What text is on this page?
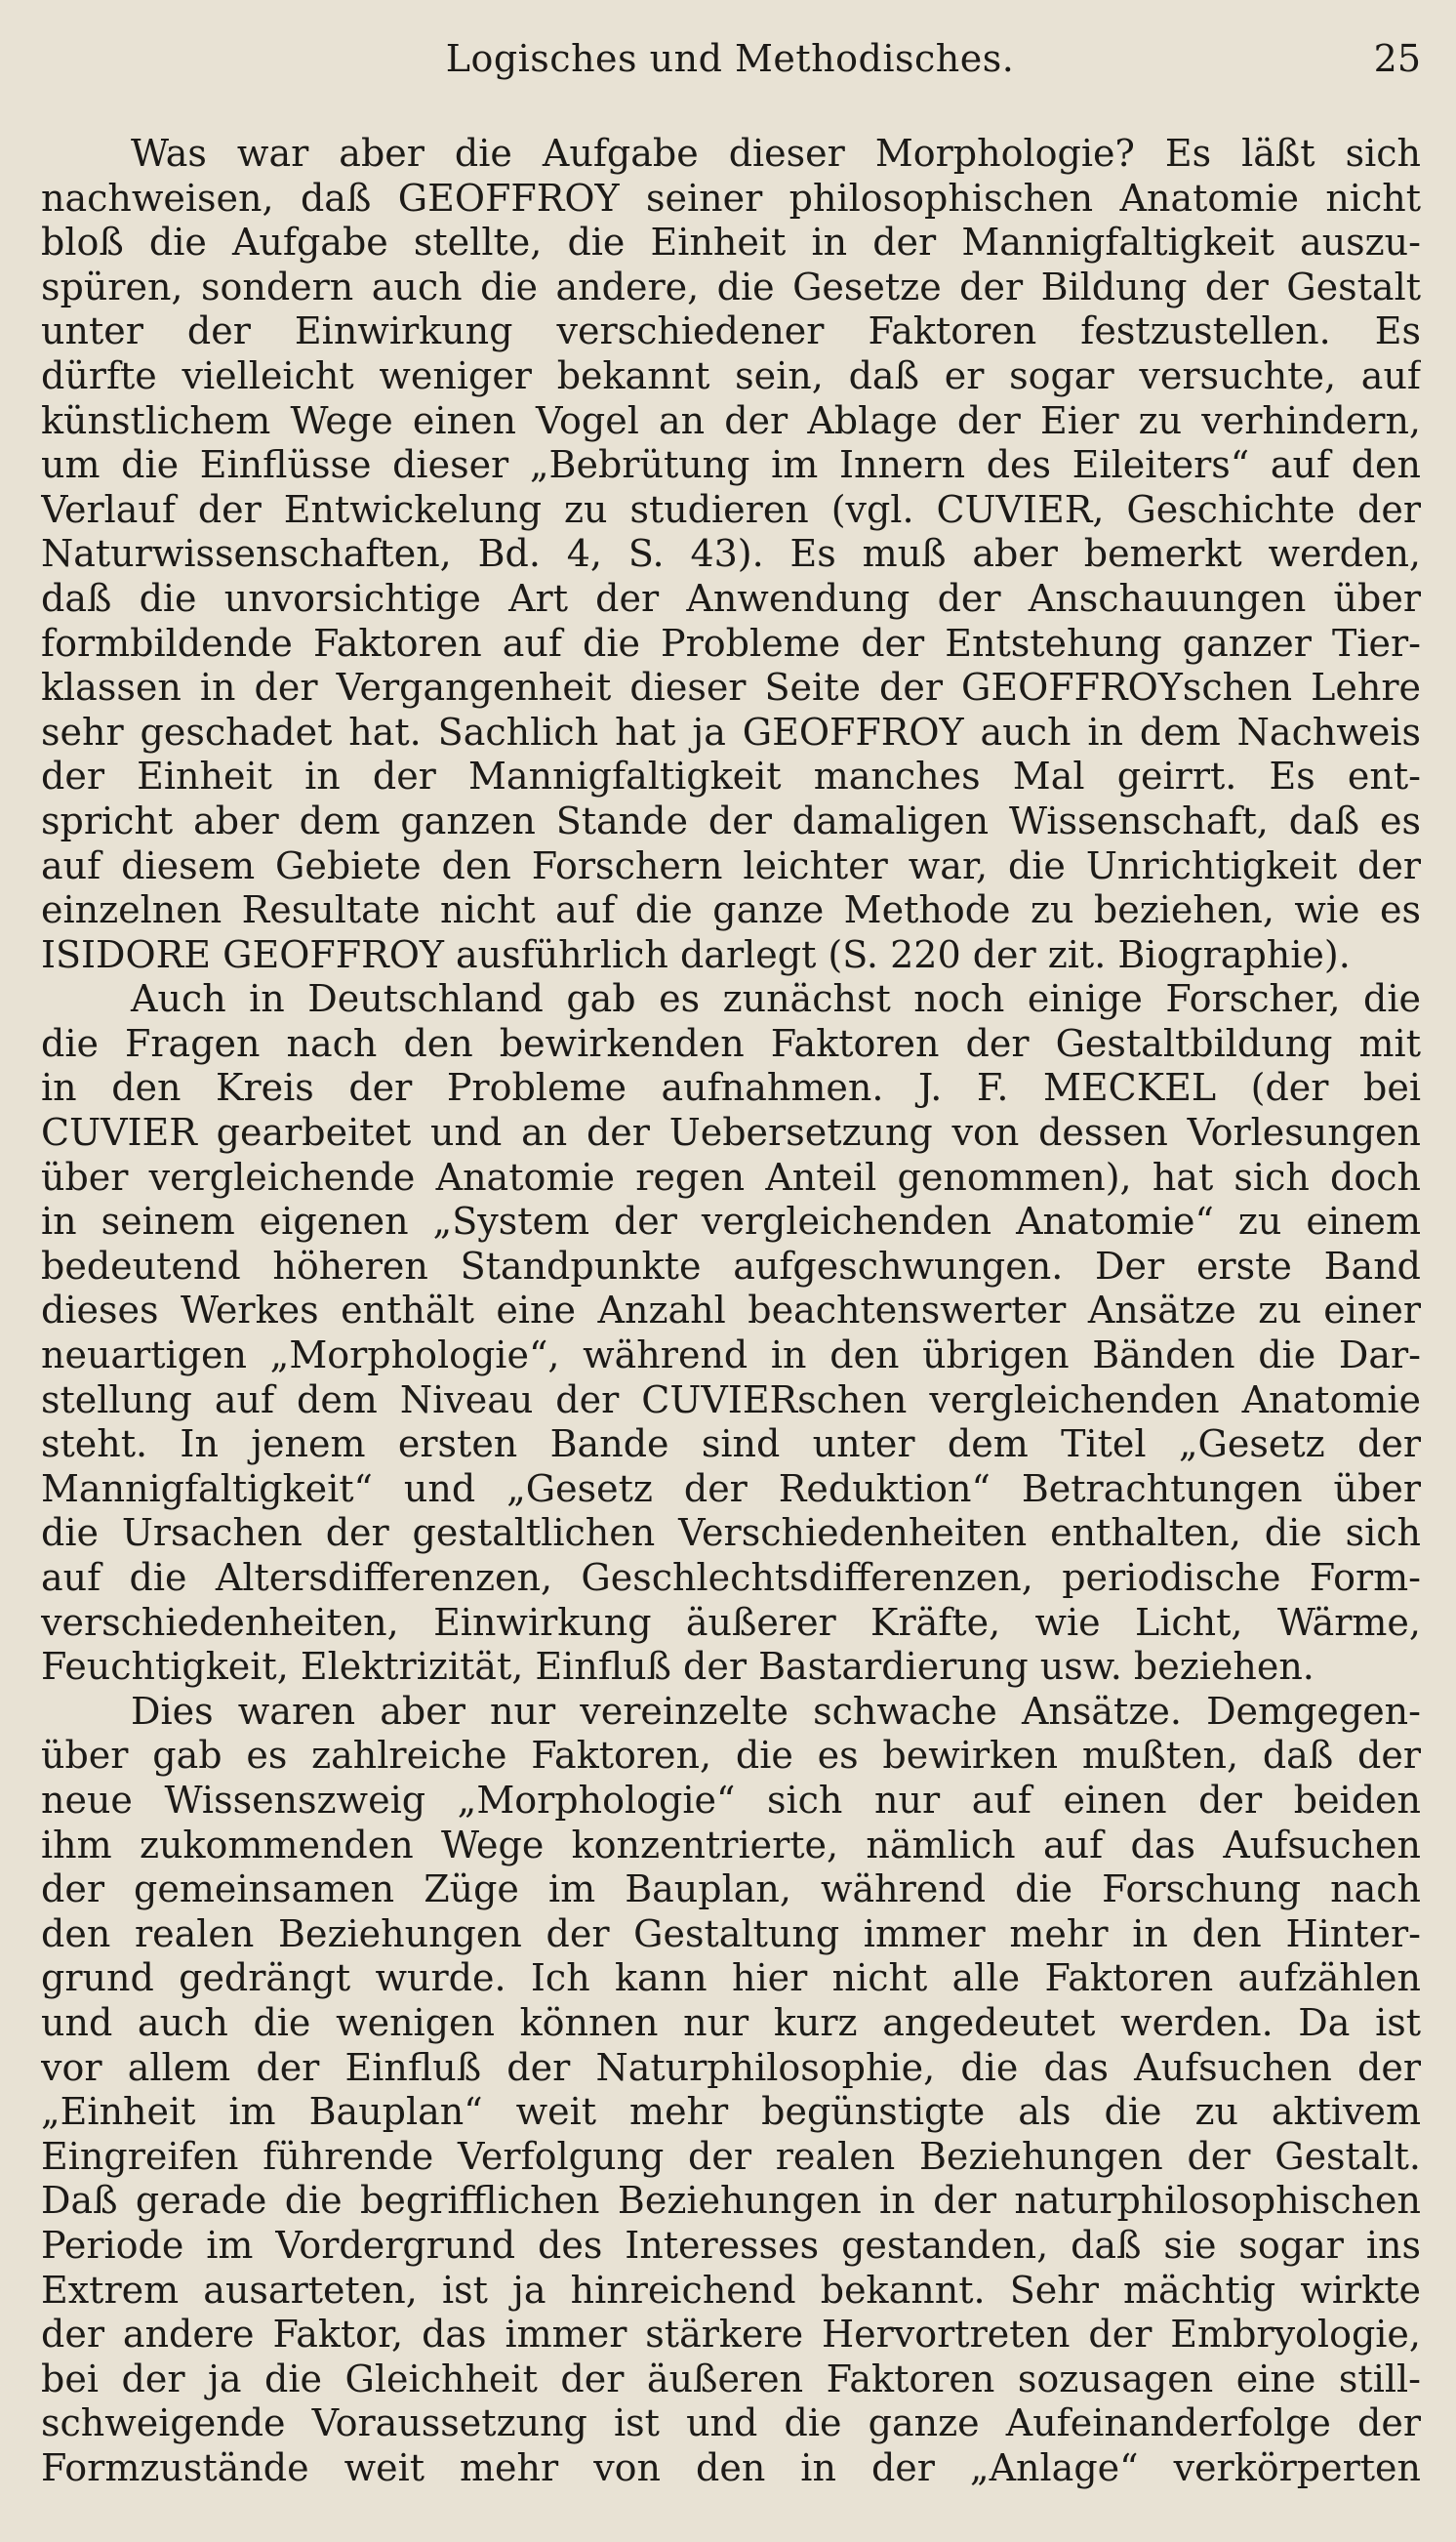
Logisches und Methodisches.	25
Was war aber die Aufgabe dieser Morphologie? Es läßt sich
nachweisen, daß GEOFFROY seiner philosophischen Anatomie nicht
bloß die Aufgabe stellte, die Einheit in der Mannigfaltigkeit auszu-
spüren, sondern auch die andere, die Gesetze der Bildung der Gestalt
unter der Einwirkung verschiedener Faktoren festzustellen. Es
dürfte vielleicht weniger bekannt sein, daß er sogar versuchte, auf
künstlichem Wege einen Vogel an der Ablage der Eier zu verhindern,
um die Einflüsse dieser „Bebrütung im Innern des Eileiters“ auf den
Verlauf der Entwickelung zu studieren (vgl. CUVIER, Geschichte der
Naturwissenschaften, Bd. 4, S. 43). Es muß aber bemerkt werden,
daß die unvorsichtige Art der Anwendung der Anschauungen über
formbildende Faktoren auf die Probleme der Entstehung ganzer Tier-
klassen in der Vergangenheit dieser Seite der GEOFFROYschen Lehre
sehr geschadet hat. Sachlich hat ja GEOFFROY auch in dem Nachweis
der Einheit in der Mannigfaltigkeit manches Mal geirrt. Es ent-
spricht aber dem ganzen Stande der damaligen Wissenschaft, daß es
auf diesem Gebiete den Forschern leichter war, die Unrichtigkeit der
einzelnen Resultate nicht auf die ganze Methode zu beziehen, wie es
ISIDORE GEOFFROY ausführlich darlegt (S. 220 der zit. Biographie).
Auch in Deutschland gab es zunächst noch einige Forscher, die
die Fragen nach den bewirkenden Faktoren der Gestaltbildung mit
in den Kreis der Probleme aufnahmen. J. F. MECKEL (der bei
CUVIER gearbeitet und an der Uebersetzung von dessen Vorlesungen
über vergleichende Anatomie regen Anteil genommen), hat sich doch
in seinem eigenen „System der vergleichenden Anatomie“ zu einem
bedeutend höheren Standpunkte aufgeschwungen. Der erste Band
dieses Werkes enthält eine Anzahl beachtenswerter Ansätze zu einer
neuartigen „Morphologie“, während in den übrigen Bänden die Dar-
stellung auf dem Niveau der CUVIERschen vergleichenden Anatomie
steht. In jenem ersten Bande sind unter dem Titel „Gesetz der
Mannigfaltigkeit“ und „Gesetz der Reduktion“ Betrachtungen über
die Ursachen der gestaltlichen Verschiedenheiten enthalten, die sich
auf die Altersdifferenzen, Geschlechtsdifferenzen, periodische Form-
verschiedenheiten, Einwirkung äußerer Kräfte, wie Licht, Wärme,
Feuchtigkeit, Elektrizität, Einfluß der Bastardierung usw. beziehen.
Dies waren aber nur vereinzelte schwache Ansätze. Demgegen-
über gab es zahlreiche Faktoren, die es bewirken mußten, daß der
neue Wissenszweig „Morphologie“ sich nur auf einen der beiden
ihm zukommenden Wege konzentrierte, nämlich auf das Aufsuchen
der gemeinsamen Züge im Bauplan, während die Forschung nach
den realen Beziehungen der Gestaltung immer mehr in den Hinter-
grund gedrängt wurde. Ich kann hier nicht alle Faktoren aufzählen
und auch die wenigen können nur kurz angedeutet werden. Da ist
vor allem der Einfluß der Naturphilosophie, die das Aufsuchen der
„Einheit im Bauplan“ weit mehr begünstigte als die zu aktivem
Eingreifen führende Verfolgung der realen Beziehungen der Gestalt.
Daß gerade die begrifflichen Beziehungen in der naturphilosophischen
Periode im Vordergrund des Interesses gestanden, daß sie sogar ins
Extrem ausarteten, ist ja hinreichend bekannt. Sehr mächtig wirkte
der andere Faktor, das immer stärkere Hervortreten der Embryologie,
bei der ja die Gleichheit der äußeren Faktoren sozusagen eine still-
schweigende Voraussetzung ist und die ganze Aufeinanderfolge der
Formzustände weit mehr von den in der „Anlage“ verkörperten
